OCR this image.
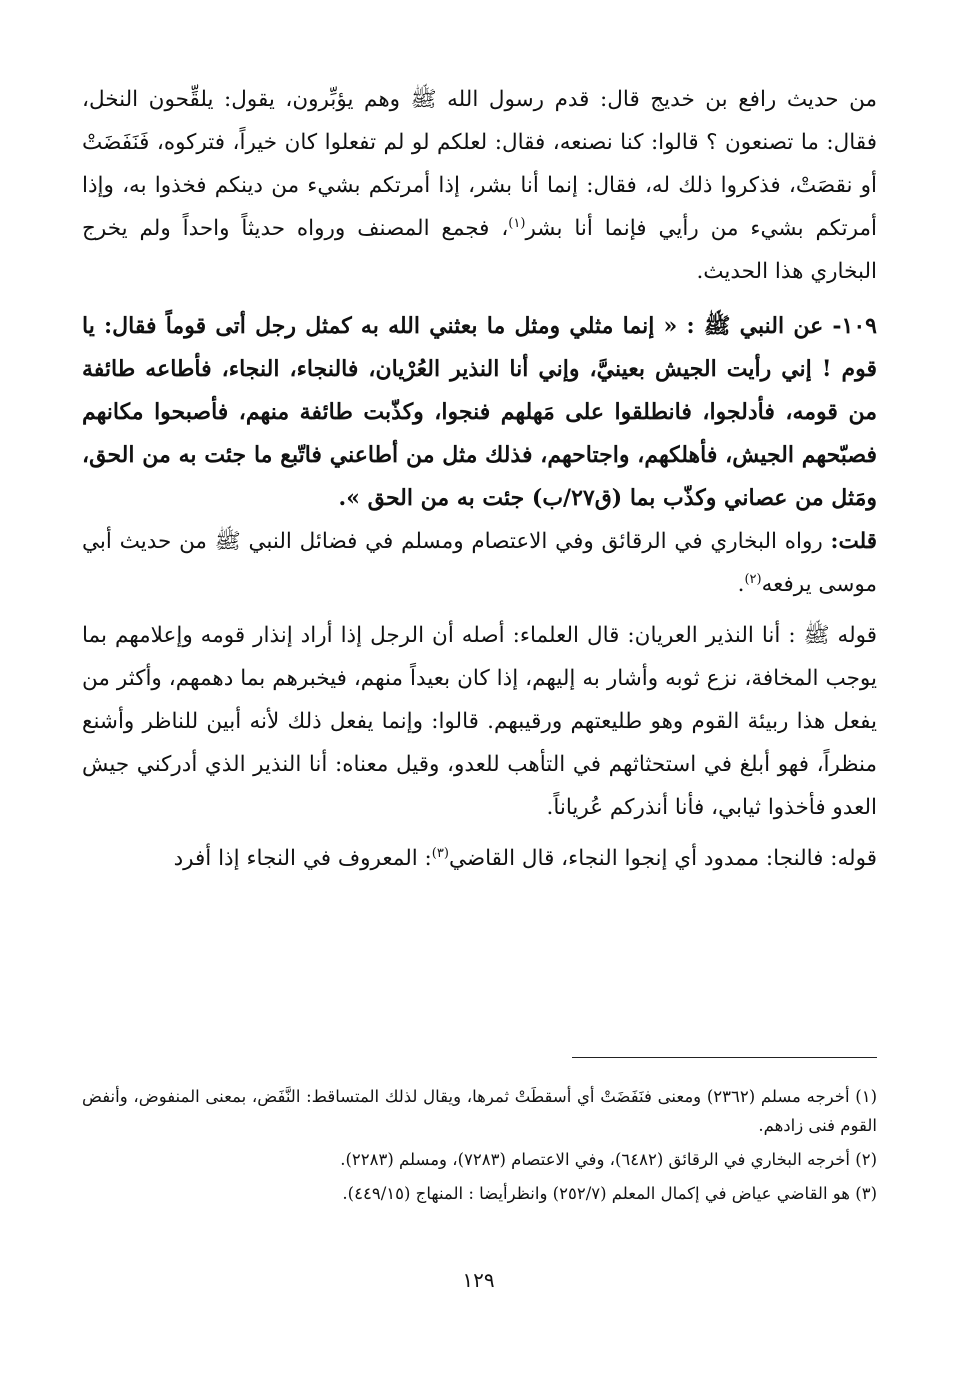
من حديث رافع بن خديج قال: قدم رسول الله ﷺ وهم يؤبِّرون، يقول: يلقِّحون النخل، فقال: ما تصنعون ؟ قالوا: كنا نصنعه، فقال: لعلكم لو لم تفعلوا كان خيراً، فتركوه، فَنَفَضَتْ أو نقصَتْ، فذكروا ذلك له، فقال: إنما أنا بشر، إذا أمرتكم بشيء من دينكم فخذوا به، وإذا أمرتكم بشيء من رأيي فإنما أنا بشر$^{(١)}$، فجمع المصنف ورواه حديثاً واحداً ولم يخرج البخاري هذا الحديث.

١٠٩- عن النبي ﷺ : « إنما مثلي ومثل ما بعثني الله به كمثل رجل أتى قوماً فقال: يا قوم ! إني رأيت الجيش بعينيَّ، وإني أنا النذير العُرْيان، فالنجاء، النجاء، فأطاعه طائفة من قومه، فأدلجوا، فانطلقوا على مَهلهم فنجوا، وكذّبت طائفة منهم، فأصبحوا مكانهم فصبّحهم الجيش، فأهلكهم، واجتاحهم، فذلك مثل من أطاعني فاتّبع ما جئت به من الحق، ومَثل من عصاني وكذّب بما (ق٢٧/ب) جئت به من الحق ».

قلت: رواه البخاري في الرقائق وفي الاعتصام ومسلم في فضائل النبي ﷺ من حديث أبي موسى يرفعه$^{(٢)}$.

قوله ﷺ : أنا النذير العريان: قال العلماء: أصله أن الرجل إذا أراد إنذار قومه وإعلامهم بما يوجب المخافة، نزع ثوبه وأشار به إليهم، إذا كان بعيداً منهم، فيخبرهم بما دهمهم، وأكثر من يفعل هذا ربيئة القوم وهو طليعتهم ورقيبهم. قالوا: وإنما يفعل ذلك لأنه أبين للناظر وأشنع منظراً، فهو أبلغ في استحثاثهم في التأهب للعدو، وقيل معناه: أنا النذير الذي أدركني جيش العدو فأخذوا ثيابي، فأنا أنذركم عُرياناً.

قوله: فالنجا: ممدود أي إنجوا النجاء، قال القاضي$^{(٣)}$: المعروف في النجاء إذا أفرد

(١) أخرجه مسلم (٢٣٦٢) ومعنى فنَفَضَتْ أي أسقطَتْ ثمرها، ويقال لذلك المتساقط: النَّفَض، بمعنى المنفوض، وأنفض القوم فنى زادهم.

(٢) أخرجه البخاري في الرقائق (٦٤٨٢)، وفي الاعتصام (٧٢٨٣)، ومسلم (٢٢٨٣).

(٣) هو القاضي عياض في إكمال المعلم (٢٥٢/٧) وانظرأيضا : المنهاج (٤٤٩/١٥).

١٢٩
